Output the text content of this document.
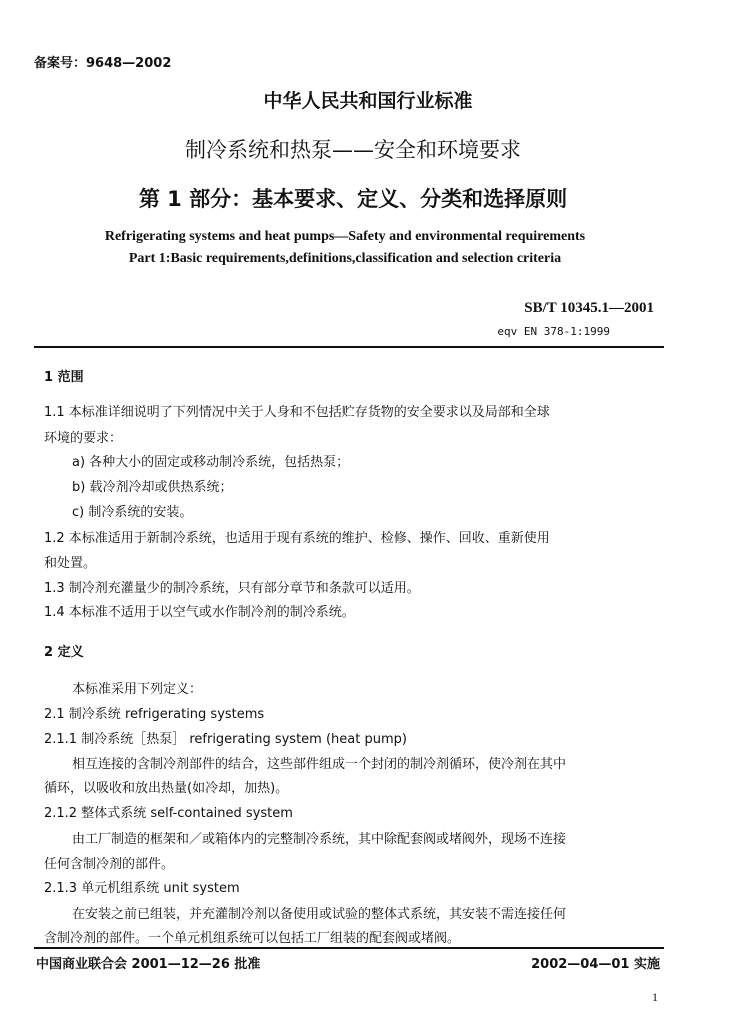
备案号：9648—2002
中华人民共和国行业标准
制冷系统和热泵——安全和环境要求
第 1 部分：基本要求、定义、分类和选择原则
Refrigerating systems and heat pumps—Safety and environmental requirements
Part 1:Basic requirements,definitions,classification and selection criteria
SB/T 10345.1—2001
eqv EN 378-1:1999
1 范围
1.1 本标准详细说明了下列情况中关于人身和不包括贮存货物的安全要求以及局部和全球
环境的要求：
a) 各种大小的固定或移动制冷系统，包括热泵；
b) 载冷剂冷却或供热系统；
c) 制冷系统的安装。
1.2 本标准适用于新制冷系统，也适用于现有系统的维护、检修、操作、回收、重新使用
和处置。
1.3 制冷剂充灌量少的制冷系统，只有部分章节和条款可以适用。
1.4 本标准不适用于以空气或水作制冷剂的制冷系统。
2 定义
本标准采用下列定义：
2.1 制冷系统 refrigerating systems
2.1.1 制冷系统［热泵］ refrigerating system (heat pump)
相互连接的含制冷剂部件的结合，这些部件组成一个封闭的制冷剂循环，使冷剂在其中
循环，以吸收和放出热量(如冷却，加热)。
2.1.2 整体式系统 self-contained system
由工厂制造的框架和／或箱体内的完整制冷系统，其中除配套阀或堵阀外，现场不连接
任何含制冷剂的部件。
2.1.3 单元机组系统 unit system
在安装之前已组装，并充灌制冷剂以备使用或试验的整体式系统，其安装不需连接任何
含制冷剂的部件。一个单元机组系统可以包括工厂组装的配套阀或堵阀。
中国商业联合会 2001—12—26 批准	2002—04—01 实施
1
